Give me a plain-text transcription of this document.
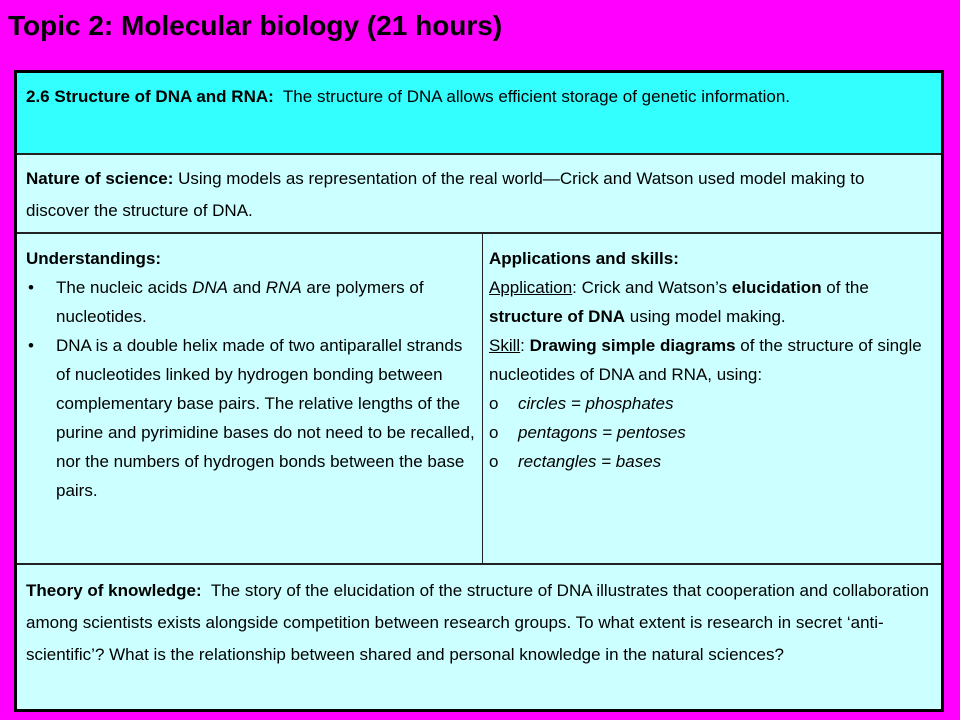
Topic 2: Molecular biology (21 hours)
2.6 Structure of DNA and RNA: The structure of DNA allows efficient storage of genetic information.
Nature of science: Using models as representation of the real world—Crick and Watson used model making to discover the structure of DNA.
Understandings:
• The nucleic acids DNA and RNA are polymers of nucleotides.
• DNA is a double helix made of two antiparallel strands of nucleotides linked by hydrogen bonding between complementary base pairs. The relative lengths of the purine and pyrimidine bases do not need to be recalled, nor the numbers of hydrogen bonds between the base pairs.
Applications and skills:
Application: Crick and Watson’s elucidation of the structure of DNA using model making.
Skill: Drawing simple diagrams of the structure of single nucleotides of DNA and RNA, using:
o circles = phosphates
o pentagons = pentoses
o rectangles = bases
Theory of knowledge: The story of the elucidation of the structure of DNA illustrates that cooperation and collaboration among scientists exists alongside competition between research groups. To what extent is research in secret ‘anti-scientific’? What is the relationship between shared and personal knowledge in the natural sciences?
